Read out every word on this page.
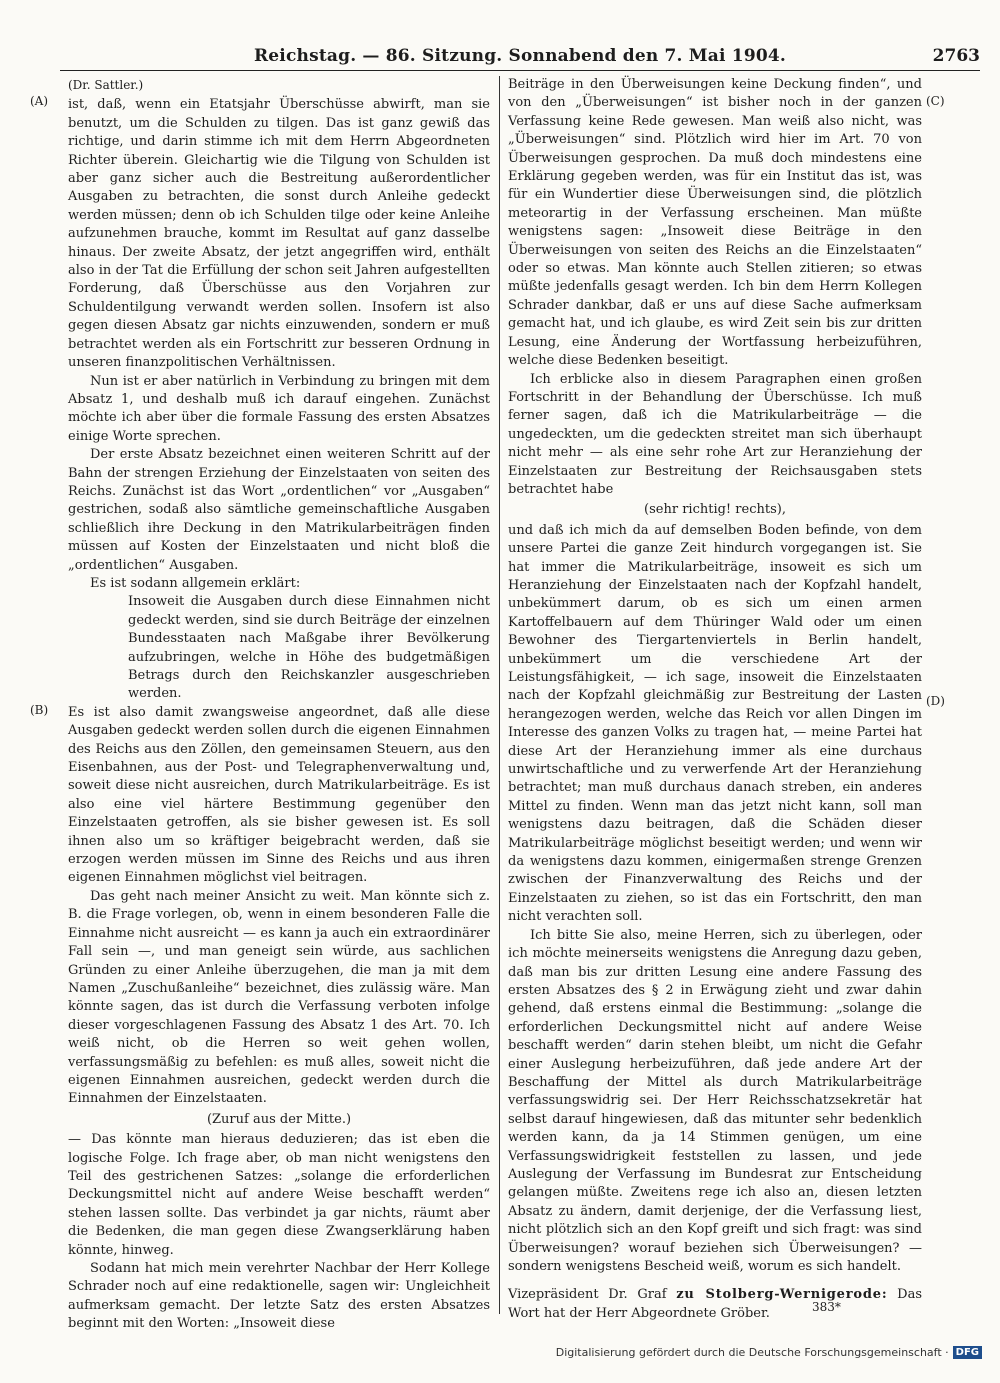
Reichstag. — 86. Sitzung. Sonnabend den 7. Mai 1904.	2763
(A)
(B)
(C)
(D)
(Dr. Sattler.)

ist, daß, wenn ein Etatsjahr Überschüsse abwirft, man sie benutzt, um die Schulden zu tilgen. Das ist ganz gewiß das richtige, und darin stimme ich mit dem Herrn Abgeordneten Richter überein. Gleichartig wie die Tilgung von Schulden ist aber ganz sicher auch die Bestreitung außerordentlicher Ausgaben zu betrachten, die sonst durch Anleihe gedeckt werden müssen; denn ob ich Schulden tilge oder keine Anleihe aufzunehmen brauche, kommt im Resultat auf ganz dasselbe hinaus. Der zweite Absatz, der jetzt angegriffen wird, enthält also in der Tat die Erfüllung der schon seit Jahren aufgestellten Forderung, daß Überschüsse aus den Vorjahren zur Schuldentilgung verwandt werden sollen. Insofern ist also gegen diesen Absatz gar nichts einzuwenden, sondern er muß betrachtet werden als ein Fortschritt zur besseren Ordnung in unseren finanzpolitischen Verhältnissen.

Nun ist er aber natürlich in Verbindung zu bringen mit dem Absatz 1, und deshalb muß ich darauf eingehen. Zunächst möchte ich aber über die formale Fassung des ersten Absatzes einige Worte sprechen.

Der erste Absatz bezeichnet einen weiteren Schritt auf der Bahn der strengen Erziehung der Einzelstaaten von seiten des Reichs. Zunächst ist das Wort „ordentlichen“ vor „Ausgaben“ gestrichen, sodaß also sämtliche gemeinschaftliche Ausgaben schließlich ihre Deckung in den Matrikularbeiträgen finden müssen auf Kosten der Einzelstaaten und nicht bloß die „ordentlichen“ Ausgaben.

Es ist sodann allgemein erklärt:

Insoweit die Ausgaben durch diese Einnahmen nicht gedeckt werden, sind sie durch Beiträge der einzelnen Bundesstaaten nach Maßgabe ihrer Bevölkerung aufzubringen, welche in Höhe des budgetmäßigen Betrags durch den Reichskanzler ausgeschrieben werden.

Es ist also damit zwangsweise angeordnet, daß alle diese Ausgaben gedeckt werden sollen durch die eigenen Einnahmen des Reichs aus den Zöllen, den gemeinsamen Steuern, aus den Eisenbahnen, aus der Post- und Telegraphenverwaltung und, soweit diese nicht ausreichen, durch Matrikularbeiträge. Es ist also eine viel härtere Bestimmung gegenüber den Einzelstaaten getroffen, als sie bisher gewesen ist. Es soll ihnen also um so kräftiger beigebracht werden, daß sie erzogen werden müssen im Sinne des Reichs und aus ihren eigenen Einnahmen möglichst viel beitragen.

Das geht nach meiner Ansicht zu weit. Man könnte sich z. B. die Frage vorlegen, ob, wenn in einem besonderen Falle die Einnahme nicht ausreicht — es kann ja auch ein extraordinärer Fall sein —, und man geneigt sein würde, aus sachlichen Gründen zu einer Anleihe überzugehen, die man ja mit dem Namen „Zuschußanleihe“ bezeichnet, dies zulässig wäre. Man könnte sagen, das ist durch die Verfassung verboten infolge dieser vorgeschlagenen Fassung des Absatz 1 des Art. 70. Ich weiß nicht, ob die Herren so weit gehen wollen, verfassungsmäßig zu befehlen: es muß alles, soweit nicht die eigenen Einnahmen ausreichen, gedeckt werden durch die Einnahmen der Einzelstaaten.

(Zuruf aus der Mitte.)

— Das könnte man hieraus deduzieren; das ist eben die logische Folge. Ich frage aber, ob man nicht wenigstens den Teil des gestrichenen Satzes: „solange die erforderlichen Deckungsmittel nicht auf andere Weise beschafft werden“ stehen lassen sollte. Das verbindet ja gar nichts, räumt aber die Bedenken, die man gegen diese Zwangserklärung haben könnte, hinweg.

Sodann hat mich mein verehrter Nachbar der Herr Kollege Schrader noch auf eine redaktionelle, sagen wir: Ungleichheit aufmerksam gemacht. Der letzte Satz des ersten Absatzes beginnt mit den Worten: „Insoweit diese

Beiträge in den Überweisungen keine Deckung finden“, und von den „Überweisungen“ ist bisher noch in der ganzen Verfassung keine Rede gewesen. Man weiß also nicht, was „Überweisungen“ sind. Plötzlich wird hier im Art. 70 von Überweisungen gesprochen. Da muß doch mindestens eine Erklärung gegeben werden, was für ein Institut das ist, was für ein Wundertier diese Überweisungen sind, die plötzlich meteorartig in der Verfassung erscheinen. Man müßte wenigstens sagen: „Insoweit diese Beiträge in den Überweisungen von seiten des Reichs an die Einzelstaaten“ oder so etwas. Man könnte auch Stellen zitieren; so etwas müßte jedenfalls gesagt werden. Ich bin dem Herrn Kollegen Schrader dankbar, daß er uns auf diese Sache aufmerksam gemacht hat, und ich glaube, es wird Zeit sein bis zur dritten Lesung, eine Änderung der Wortfassung herbeizuführen, welche diese Bedenken beseitigt.

Ich erblicke also in diesem Paragraphen einen großen Fortschritt in der Behandlung der Überschüsse. Ich muß ferner sagen, daß ich die Matrikularbeiträge — die ungedeckten, um die gedeckten streitet man sich überhaupt nicht mehr — als eine sehr rohe Art zur Heranziehung der Einzelstaaten zur Bestreitung der Reichsausgaben stets betrachtet habe

(sehr richtig! rechts),

und daß ich mich da auf demselben Boden befinde, von dem unsere Partei die ganze Zeit hindurch vorgegangen ist. Sie hat immer die Matrikularbeiträge, insoweit es sich um Heranziehung der Einzelstaaten nach der Kopfzahl handelt, unbekümmert darum, ob es sich um einen armen Kartoffelbauern auf dem Thüringer Wald oder um einen Bewohner des Tiergartenviertels in Berlin handelt, unbekümmert um die verschiedene Art der Leistungsfähigkeit, — ich sage, insoweit die Einzelstaaten nach der Kopfzahl gleichmäßig zur Bestreitung der Lasten herangezogen werden, welche das Reich vor allen Dingen im Interesse des ganzen Volks zu tragen hat, — meine Partei hat diese Art der Heranziehung immer als eine durchaus unwirtschaftliche und zu verwerfende Art der Heranziehung betrachtet; man muß durchaus danach streben, ein anderes Mittel zu finden. Wenn man das jetzt nicht kann, soll man wenigstens dazu beitragen, daß die Schäden dieser Matrikularbeiträge möglichst beseitigt werden; und wenn wir da wenigstens dazu kommen, einigermaßen strenge Grenzen zwischen der Finanzverwaltung des Reichs und der Einzelstaaten zu ziehen, so ist das ein Fortschritt, den man nicht verachten soll.

Ich bitte Sie also, meine Herren, sich zu überlegen, oder ich möchte meinerseits wenigstens die Anregung dazu geben, daß man bis zur dritten Lesung eine andere Fassung des ersten Absatzes des § 2 in Erwägung zieht und zwar dahin gehend, daß erstens einmal die Bestimmung: „solange die erforderlichen Deckungsmittel nicht auf andere Weise beschafft werden“ darin stehen bleibt, um nicht die Gefahr einer Auslegung herbeizuführen, daß jede andere Art der Beschaffung der Mittel als durch Matrikularbeiträge verfassungswidrig sei. Der Herr Reichsschatzsekretär hat selbst darauf hingewiesen, daß das mitunter sehr bedenklich werden kann, da ja 14 Stimmen genügen, um eine Verfassungswidrigkeit feststellen zu lassen, und jede Auslegung der Verfassung im Bundesrat zur Entscheidung gelangen müßte. Zweitens rege ich also an, diesen letzten Absatz zu ändern, damit derjenige, der die Verfassung liest, nicht plötzlich sich an den Kopf greift und sich fragt: was sind Überweisungen? worauf beziehen sich Überweisungen? — sondern wenigstens Bescheid weiß, worum es sich handelt.

Vizepräsident Dr. Graf zu Stolberg-Wernigerode: Das Wort hat der Herr Abgeordnete Gröber.	383*
Digitalisierung gefördert durch die Deutsche Forschungsgemeinschaft · DFG
